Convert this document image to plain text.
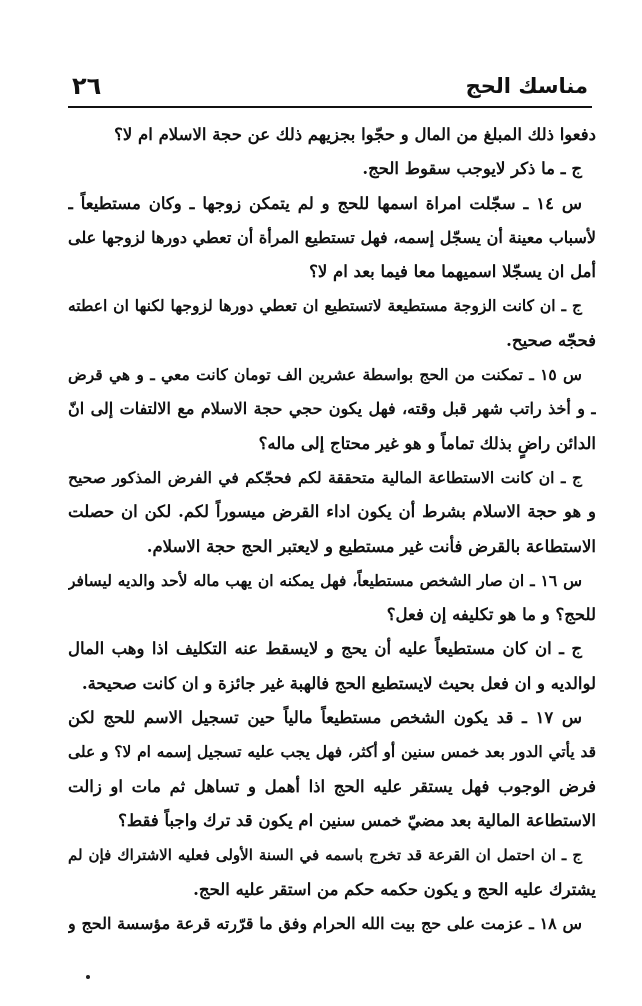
مناسك الحج
٢٦
دفعوا ذلك المبلغ من المال و حجّوا بجزيهم ذلك عن حجة الاسلام ام لا؟
ج ـ ما ذكر لايوجب سقوط الحج.
س ١٤ ـ سجّلت امراة اسمها للحج و لم يتمكن زوجها ـ وكان مستطيعاً ـ
لأسباب معينة أن يسجّل إسمه، فهل تستطيع المرأة أن تعطي دورها لزوجها على
أمل ان يسجّلا اسميهما معا فيما بعد ام لا؟
ج ـ ان كانت الزوجة مستطيعة لاتستطيع ان تعطي دورها لزوجها لكنها ان اعطته
فحجّه صحيح.
س ١٥ ـ تمكنت من الحج بواسطة عشرين الف تومان كانت معي ـ و هي قرض
ـ و أخذ راتب شهر قبل وقته، فهل يكون حجي حجة الاسلام مع الالتفات إلى انّ
الدائن راضٍ بذلك تماماً و هو غير محتاج إلى ماله؟
ج ـ ان كانت الاستطاعة المالية متحققة لكم فحجّكم في الفرض المذكور صحيح
و هو حجة الاسلام بشرط أن يكون اداء القرض ميسوراً لكم. لكن ان حصلت
الاستطاعة بالقرض فأنت غير مستطيع و لايعتبر الحج حجة الاسلام.
س ١٦ ـ ان صار الشخص مستطيعاً، فهل يمكنه ان يهب ماله لأحد والديه ليسافر
للحج؟ و ما هو تكليفه إن فعل؟
ج ـ ان كان مستطيعاً عليه أن يحج و لايسقط عنه التكليف اذا وهب المال
لوالديه و ان فعل بحيث لايستطيع الحج فالهبة غير جائزة و ان كانت صحيحة.
س ١٧ ـ قد يكون الشخص مستطيعاً مالياً حين تسجيل الاسم للحج لكن
قد يأتي الدور بعد خمس سنين أو أكثر، فهل يجب عليه تسجيل إسمه ام لا؟ و على
فرض الوجوب فهل يستقر عليه الحج اذا أهمل و تساهل ثم مات او زالت
الاستطاعة المالية بعد مضيّ خمس سنين ام يكون قد ترك واجباً فقط؟
ج ـ ان احتمل ان القرعة قد تخرج باسمه في السنة الأولى فعليه الاشتراك فإن لم
يشترك عليه الحج و يكون حكمه حكم من استقر عليه الحج.
س ١٨ ـ عزمت على حج بيت الله الحرام وفق ما قرّرته قرعة مؤسسة الحج و
